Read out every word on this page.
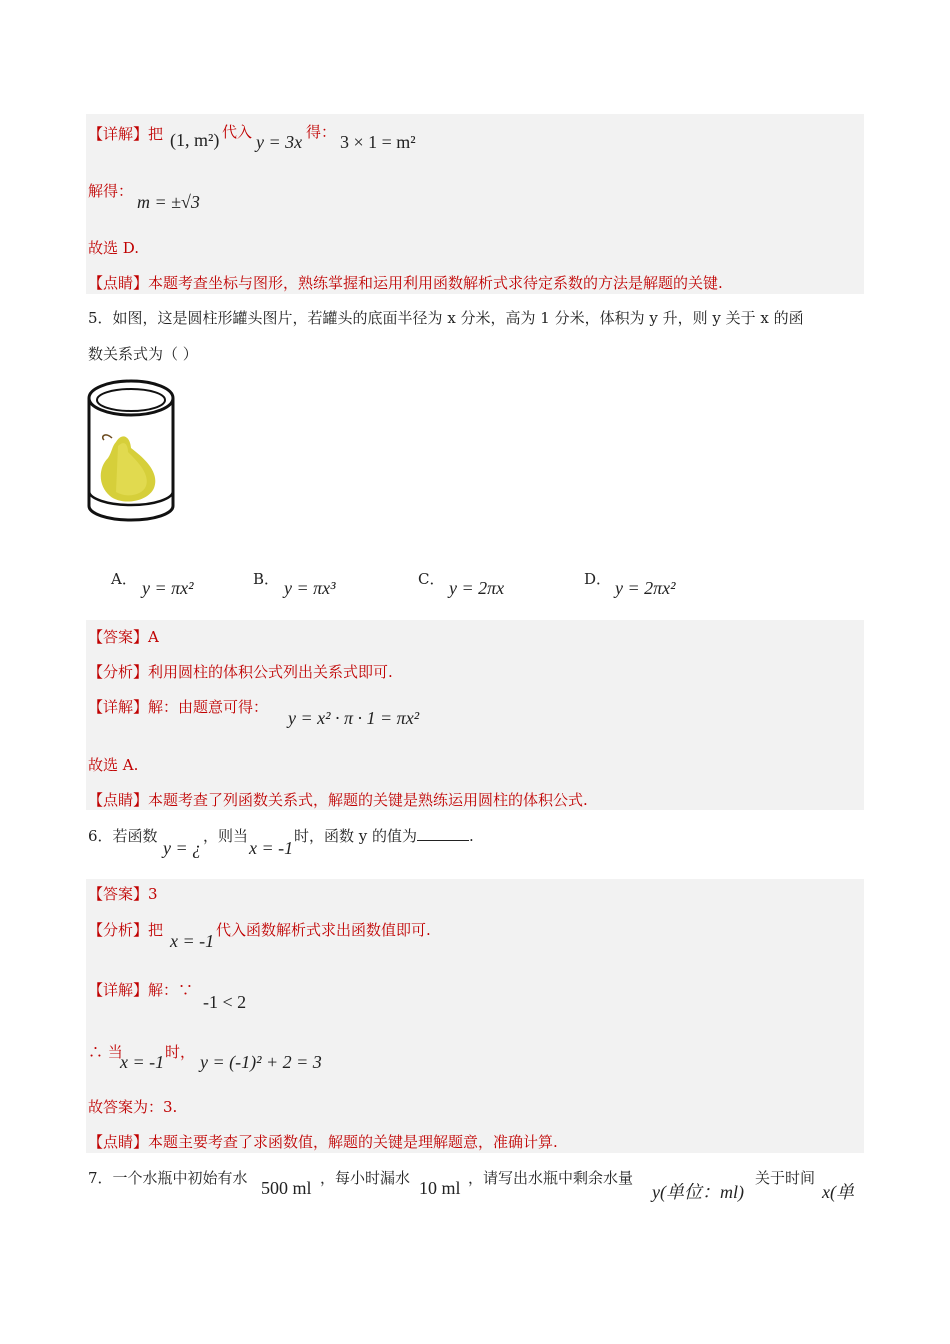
【详解】把 (1, m²) 代入 y = 3x 得： 3 × 1 = m²
解得：
m = ±√3
故选 D.
【点睛】本题考查坐标与图形，熟练掌握和运用利用函数解析式求待定系数的方法是解题的关键.
5．如图，这是圆柱形罐头图片，若罐头的底面半径为 x 分米，高为 1 分米，体积为 y 升，则 y 关于 x 的函
数关系式为（ ）
A． y = πx²	B． y = πx³	C． y = 2πx	D． y = 2πx²
【答案】A
【分析】利用圆柱的体积公式列出关系式即可.
【详解】解：由题意可得：
y = x² · π · 1 = πx²
故选 A.
【点睛】本题考查了列函数关系式，解题的关键是熟练运用圆柱的体积公式.
6．若函数
y = ¿
，则当
x = -1
时，函数 y 的值为	.
【答案】3
【分析】把
x = -1
代入函数解析式求出函数值即可.
【详解】解：∵
-1 < 2
∴ 当
x = -1 时， y = (-1)² + 2 = 3
故答案为：3.
【点睛】本题主要考查了求函数值，解题的关键是理解题意，准确计算.
7．一个水瓶中初始有水 500 ml ，每小时漏水 10 ml ，请写出水瓶中剩余水量
y(单位：ml)
关于时间
x(单
